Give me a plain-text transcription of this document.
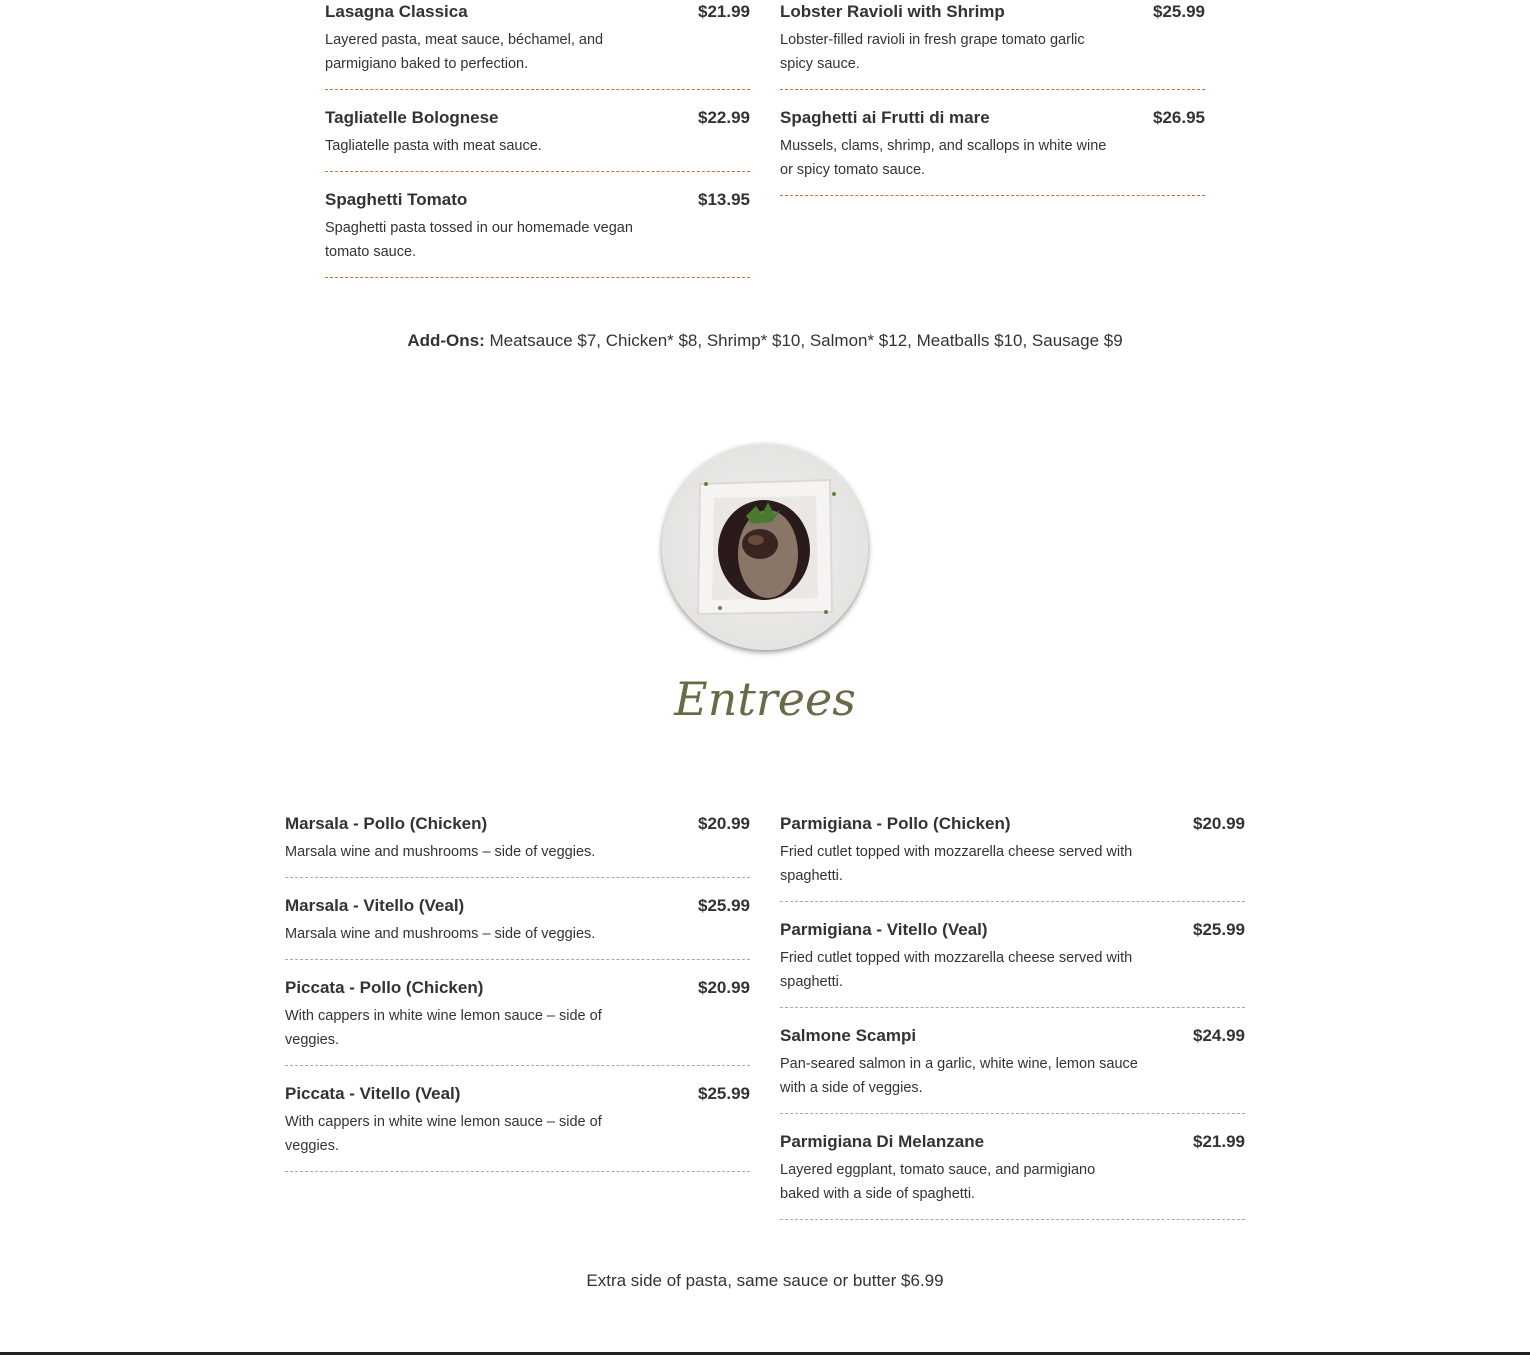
Lasagna Classica	$21.99
Layered pasta, meat sauce, béchamel, and
parmigiano baked to perfection.
Tagliatelle Bolognese	$22.99
Tagliatelle pasta with meat sauce.
Spaghetti Tomato	$13.95
Spaghetti pasta tossed in our homemade vegan
tomato sauce.
Lobster Ravioli with Shrimp	$25.99
Lobster-filled ravioli in fresh grape tomato garlic
spicy sauce.
Spaghetti ai Frutti di mare	$26.95
Mussels, clams, shrimp, and scallops in white wine
or spicy tomato sauce.
Add-Ons: Meatsauce $7, Chicken* $8, Shrimp* $10, Salmon* $12, Meatballs $10, Sausage $9
Entrees
Marsala - Pollo (Chicken)	$20.99
Marsala wine and mushrooms – side of veggies.
Marsala - Vitello (Veal)	$25.99
Marsala wine and mushrooms – side of veggies.
Piccata - Pollo (Chicken)	$20.99
With cappers in white wine lemon sauce – side of
veggies.
Piccata - Vitello (Veal)	$25.99
With cappers in white wine lemon sauce – side of
veggies.
Parmigiana - Pollo (Chicken)	$20.99
Fried cutlet topped with mozzarella cheese served with
spaghetti.
Parmigiana - Vitello (Veal)	$25.99
Fried cutlet topped with mozzarella cheese served with
spaghetti.
Salmone Scampi	$24.99
Pan-seared salmon in a garlic, white wine, lemon sauce
with a side of veggies.
Parmigiana Di Melanzane	$21.99
Layered eggplant, tomato sauce, and parmigiano
baked with a side of spaghetti.
Extra side of pasta, same sauce or butter $6.99
